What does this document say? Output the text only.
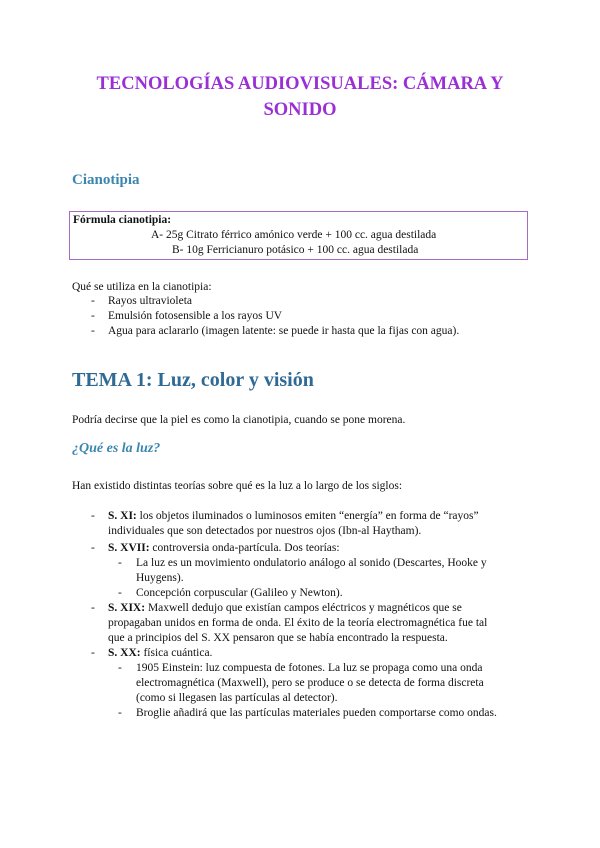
TECNOLOGÍAS AUDIOVISUALES: CÁMARA Y SONIDO
Cianotipia
Fórmula cianotipia:
A- 25g Citrato férrico amónico verde + 100 cc. agua destilada
B- 10g Ferricianuro potásico + 100 cc. agua destilada

Qué se utiliza en la cianotipia:

- Rayos ultravioleta
- Emulsión fotosensible a los rayos UV
- Agua para aclararlo (imagen latente: se puede ir hasta que la fijas con agua).
TEMA 1: Luz, color y visión

Podría decirse que la piel es como la cianotipia, cuando se pone morena.

¿Qué es la luz?

Han existido distintas teorías sobre qué es la luz a lo largo de los siglos:

- S. XI: los objetos iluminados o luminosos emiten “energía” en forma de “rayos”
individuales que son detectados por nuestros ojos (Ibn-al Haytham).
- S. XVII: controversia onda-partícula. Dos teorías:
- La luz es un movimiento ondulatorio análogo al sonido (Descartes, Hooke y
Huygens).
- Concepción corpuscular (Galileo y Newton).
- S. XIX: Maxwell dedujo que existían campos eléctricos y magnéticos que se
propagaban unidos en forma de onda. El éxito de la teoría electromagnética fue tal
que a principios del S. XX pensaron que se había encontrado la respuesta.
- S. XX: física cuántica.
- 1905 Einstein: luz compuesta de fotones. La luz se propaga como una onda
electromagnética (Maxwell), pero se produce o se detecta de forma discreta
(como si llegasen las partículas al detector).
- Broglie añadirá que las partículas materiales pueden comportarse como ondas.
